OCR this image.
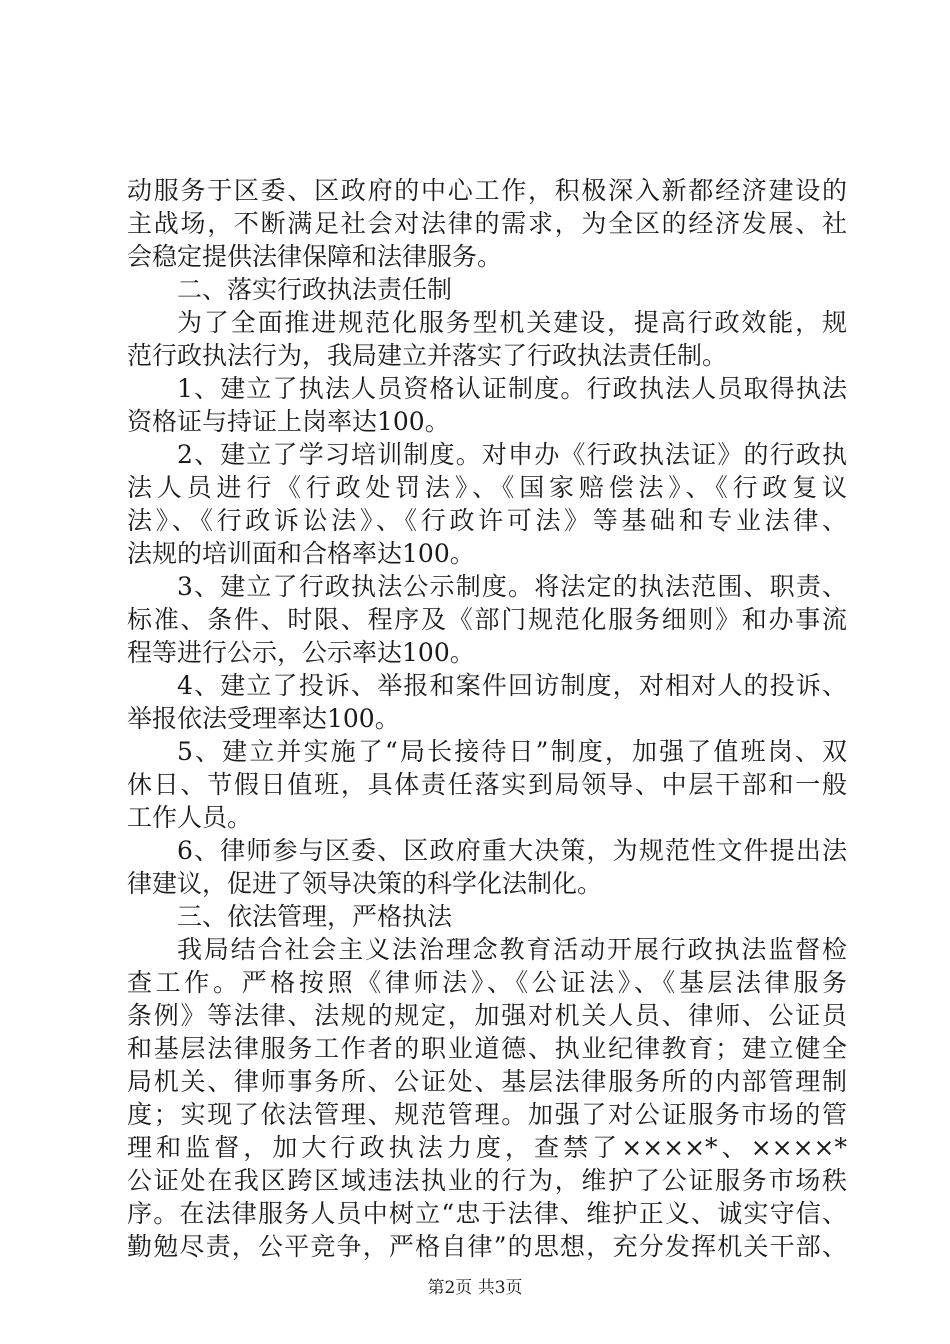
动服务于区委、区政府的中心工作，积极深入新都经济建设的
主战场，不断满足社会对法律的需求，为全区的经济发展、社
会稳定提供法律保障和法律服务。
二、落实行政执法责任制
为了全面推进规范化服务型机关建设，提高行政效能，规
范行政执法行为，我局建立并落实了行政执法责任制。
1、建立了执法人员资格认证制度。行政执法人员取得执法
资格证与持证上岗率达100。
2、建立了学习培训制度。对申办《行政执法证》的行政执
法人员进行《行政处罚法》、《国家赔偿法》、《行政复议
法》、《行政诉讼法》、《行政许可法》等基础和专业法律、
法规的培训面和合格率达100。
3、建立了行政执法公示制度。将法定的执法范围、职责、
标准、条件、时限、程序及《部门规范化服务细则》和办事流
程等进行公示，公示率达100。
4、建立了投诉、举报和案件回访制度，对相对人的投诉、
举报依法受理率达100。
5、建立并实施了“局长接待日”制度，加强了值班岗、双
休日、节假日值班，具体责任落实到局领导、中层干部和一般
工作人员。
6、律师参与区委、区政府重大决策，为规范性文件提出法
律建议，促进了领导决策的科学化法制化。
三、依法管理，严格执法
我局结合社会主义法治理念教育活动开展行政执法监督检
查工作。严格按照《律师法》、《公证法》、《基层法律服务
条例》等法律、法规的规定，加强对机关人员、律师、公证员
和基层法律服务工作者的职业道德、执业纪律教育；建立健全
局机关、律师事务所、公证处、基层法律服务所的内部管理制
度；实现了依法管理、规范管理。加强了对公证服务市场的管
理和监督，加大行政执法力度，查禁了××××*、××××*
公证处在我区跨区域违法执业的行为，维护了公证服务市场秩
序。在法律服务人员中树立“忠于法律、维护正义、诚实守信、
勤勉尽责，公平竞争，严格自律”的思想，充分发挥机关干部、
第2页 共3页
